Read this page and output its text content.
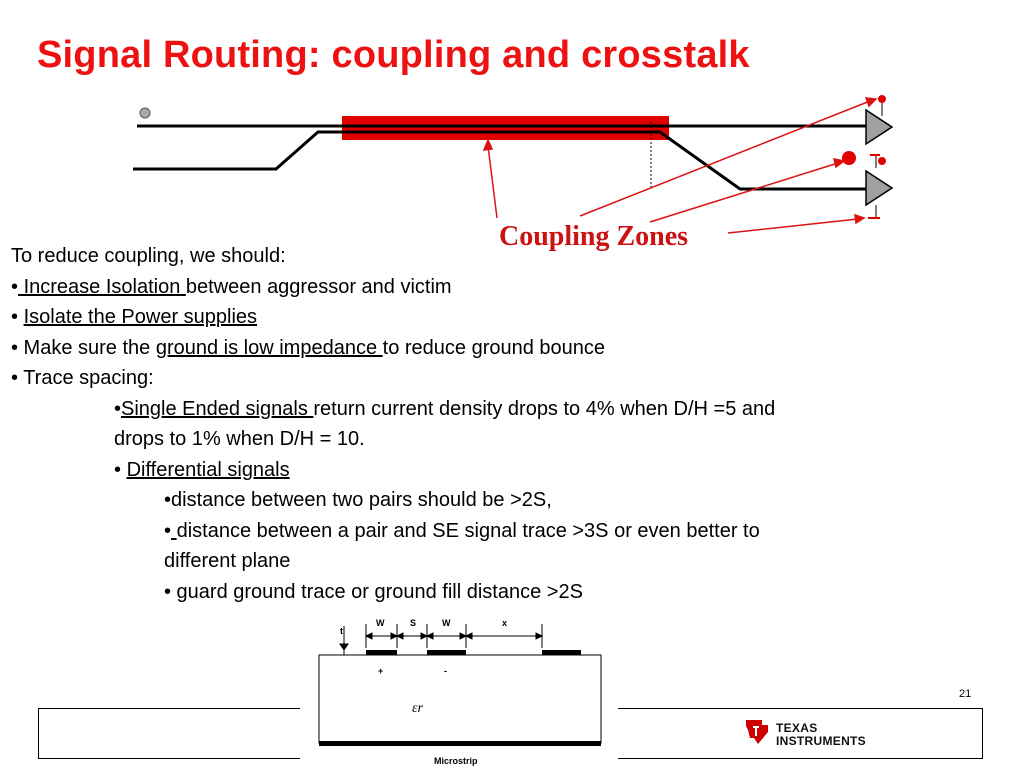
Signal Routing: coupling and crosstalk
Coupling Zones
To reduce coupling, we should:
• Increase Isolation between aggressor and victim
• Isolate the Power supplies
• Make sure the ground is low impedance to reduce ground bounce
• Trace spacing:
•Single Ended signals return current density drops to 4% when D/H =5 and
drops to 1% when D/H = 10.
• Differential signals
•distance between two pairs should be >2S,
• distance between a pair and SE signal trace >3S or even better to
different plane
• guard ground trace or ground fill distance >2S
21
TEXAS
INSTRUMENTS
t
W	S	W	x
+	-
εr
Microstrip
